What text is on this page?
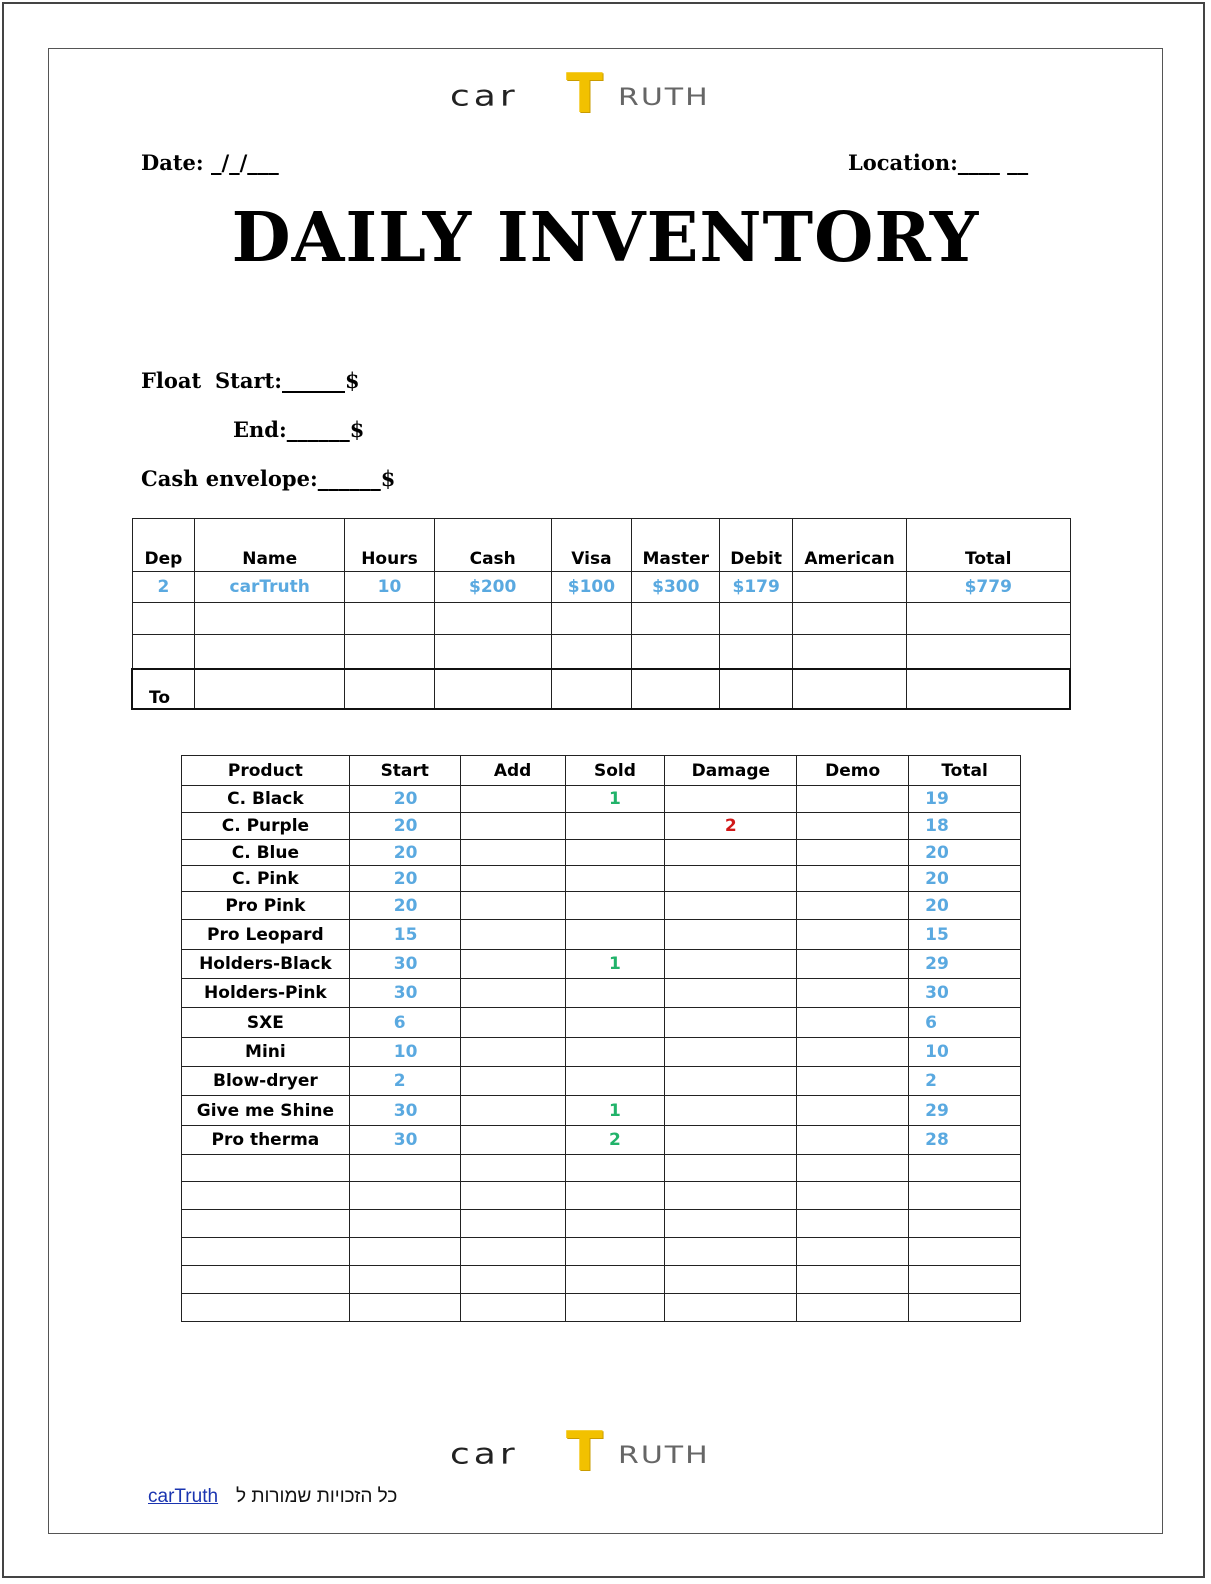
car T RUTH
Date: _/_/___	Location:____ __
DAILY INVENTORY
Float Start:______$
End:______$
Cash envelope:______$
Dep	Name	Hours	Cash	Visa	Master	Debit	American	Total
2	carTruth	10	$200	$100	$300	$179		$779

To								
Product	Start	Add	Sold	Damage	Demo	Total
C. Black	20		1			19
C. Purple	20			2		18
C. Blue	20					20
C. Pink	20					20
Pro Pink	20					20
Pro Leopard	15					15
Holders-Black	30		1			29
Holders-Pink	30					30
SXE	6					6
Mini	10					10
Blow-dryer	2					2
Give me Shine	30		1			29
Pro therma	30		2			28

car T RUTH
carTruth כל הזכויות שמורות ל
